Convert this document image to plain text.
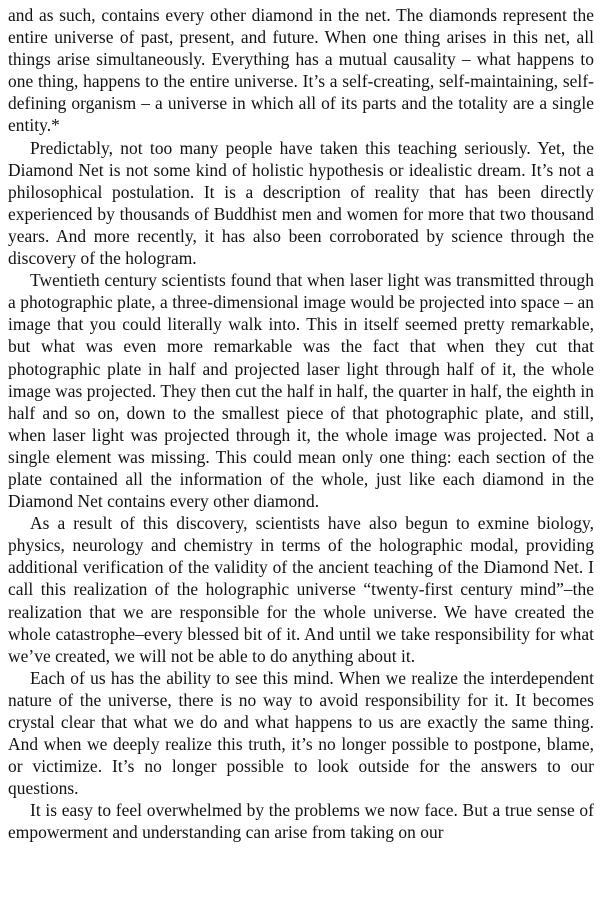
and as such, contains every other diamond in the net. The diamonds represent the entire universe of past, present, and future. When one thing arises in this net, all things arise simultaneously. Everything has a mutual causality – what happens to one thing, happens to the entire universe. It’s a self-creating, self-maintaining, self-defining organism – a universe in which all of its parts and the totality are a single entity.*

Predictably, not too many people have taken this teaching seriously. Yet, the Diamond Net is not some kind of holistic hypothesis or idealistic dream. It’s not a philosophical postulation. It is a description of reality that has been directly experienced by thousands of Buddhist men and women for more that two thousand years. And more recently, it has also been corroborated by science through the discovery of the hologram.

Twentieth century scientists found that when laser light was transmitted through a photographic plate, a three-dimensional image would be projected into space – an image that you could literally walk into. This in itself seemed pretty remarkable, but what was even more remarkable was the fact that when they cut that photographic plate in half and projected laser light through half of it, the whole image was projected. They then cut the half in half, the quarter in half, the eighth in half and so on, down to the smallest piece of that photographic plate, and still, when laser light was projected through it, the whole image was projected. Not a single element was missing. This could mean only one thing: each section of the plate contained all the information of the whole, just like each diamond in the Diamond Net contains every other diamond.

As a result of this discovery, scientists have also begun to exmine biology, physics, neurology and chemistry in terms of the holographic modal, providing additional verification of the validity of the ancient teaching of the Diamond Net. I call this realization of the holographic universe “twenty-first century mind”–the realization that we are responsible for the whole universe. We have created the whole catastrophe–every blessed bit of it. And until we take responsibility for what we’ve created, we will not be able to do anything about it.

Each of us has the ability to see this mind. When we realize the interdependent nature of the universe, there is no way to avoid responsibility for it. It becomes crystal clear that what we do and what happens to us are exactly the same thing. And when we deeply realize this truth, it’s no longer possible to postpone, blame, or victimize. It’s no longer possible to look outside for the answers to our questions.

It is easy to feel overwhelmed by the problems we now face. But a true sense of empowerment and understanding can arise from taking on our
